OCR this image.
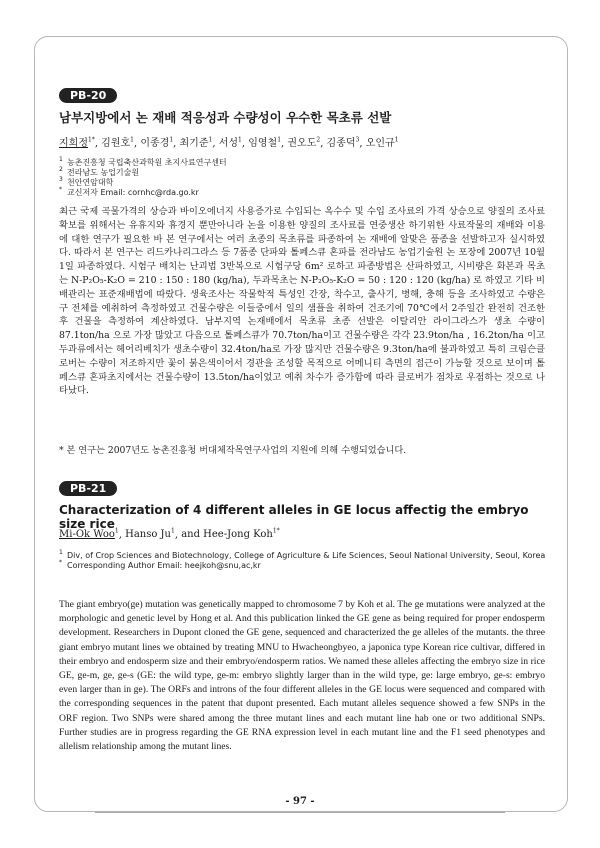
PB-20
남부지방에서 논 재배 적응성과 수량성이 우수한 목초류 선발
지희정$^{1*}$, 김원호$^1$, 이종경$^1$, 최기준$^1$, 서성$^1$, 임영철$^1$, 권오도$^2$, 김종덕$^3$, 오인규$^1$
1 농촌진흥청 국립축산과학원 초지사료연구센터
2 전라남도 농업기술원
3 천안연암대학
* 교신저자 Email: cornhc@rda.go.kr
최근 국제 곡물가격의 상승과 바이오에너지 사용증가로 수입되는 옥수수 및 수입 조사료의 가격 상승으로 양질의 조사료 확보를 위해서는 유휴지와 휴경지 뿐만아니라 논을 이용한 양질의 조사료를 연중생산 하기위한 사료작물의 재배와 이용에 대한 연구가 필요한 바 본 연구에서는 여러 초종의 목초류를 파종하여 논 재배에 알맞은 품종을 선발하고자 실시하였다. 따라서 본 연구는 리드카나리그라스 등 7품종 단파와 톨페스큐 혼파를 전라남도 농업기술원 논 포장에 2007년 10월1일 파종하였다. 시험구 배치는 난괴법 3반복으로 시험구당 6m² 로하고 파종방법은 산파하였고, 시비량은 화본과 목초는 N-P₂O₅-K₂O = 210 : 150 : 180 (kg/ha), 두과목초는 N-P₂O₅-K₂O = 50 : 120 : 120 (kg/ha) 로 하였고 기타 비배관리는 표준재배법에 따랐다. 생육조사는 작물학적 특성인 간장, 착수고, 출사기, 병해, 충해 등을 조사하였고 수량은 구 전체를 예취하여 측정하였고 건물수량은 이들중에서 일의 샘플을 취하여 건조기에 70℃에서 2주일간 완전히 건조한 후 건물을 측정하여 계산하였다. 남부지역 논재배에서 목초류 초종 선발은 이탈리안 라이그라스가 생초 수량이 87.1ton/ha 으로 가장 많았고 다음으로 톨페스큐가 70.7ton/ha이고 건물수량은 각각 23.9ton/ha , 16.2ton/ha 이고 두과류에서는 헤어리베치가 생초수량이 32.4ton/ha로 가장 많지만 건물수량은 9.3ton/ha에 불과하였고 특히 크림슨클로버는 수량이 저조하지만 꽃이 붉은색이어서 경관을 조성할 목적으로 어메니티 측면의 접근이 가능할 것으로 보이며 톨페스큐 혼파초지에서는 건물수량이 13.5ton/ha이었고 예취 차수가 증가함에 따라 클로버가 점차로 우점하는 것으로 나타났다.
* 본 연구는 2007년도 농촌진흥청 버대체작목연구사업의 지원에 의해 수행되었습니다.
PB-21
Characterization of 4 different alleles in GE locus affectig the embryo size rice
Mi-Ok Woo$^1$, Hanso Ju$^1$, and Hee-Jong Koh$^{1*}$
1 Div, of Crop Sciences and Biotechnology, College of Agriculture & Life Sciences, Seoul National University, Seoul, Korea
* Corresponding Author Email: heejkoh@snu,ac,kr
The giant embryo(ge) mutation was genetically mapped to chromosome 7 by Koh et al. The ge mutations were analyzed at the morphologic and genetic level by Hong et al. And this publication linked the GE gene as being required for proper endosperm development. Researchers in Dupont cloned the GE gene, sequenced and characterized the ge alleles of the mutants. the three giant embryo mutant lines we obtained by treating MNU to Hwacheongbyeo, a japonica type Korean rice cultivar, differed in their embryo and endosperm size and their embryo/endosperm ratios. We named these alleles affecting the embryo size in rice GE, ge-m, ge, ge-s (GE: the wild type, ge-m: embryo slightly larger than in the wild type, ge: large embryo, ge-s: embryo even larger than in ge). The ORFs and introns of the four different alleles in the GE locus were sequenced and compared with the corresponding sequences in the patent that dupont presented. Each mutant alleles sequence showed a few SNPs in the ORF region. Two SNPs were shared among the three mutant lines and each mutant line hab one or two additional SNPs. Further studies are in progress regarding the GE RNA expression level in each mutant line and the F1 seed phenotypes and allelism relationship among the mutant lines.
- 97 -
